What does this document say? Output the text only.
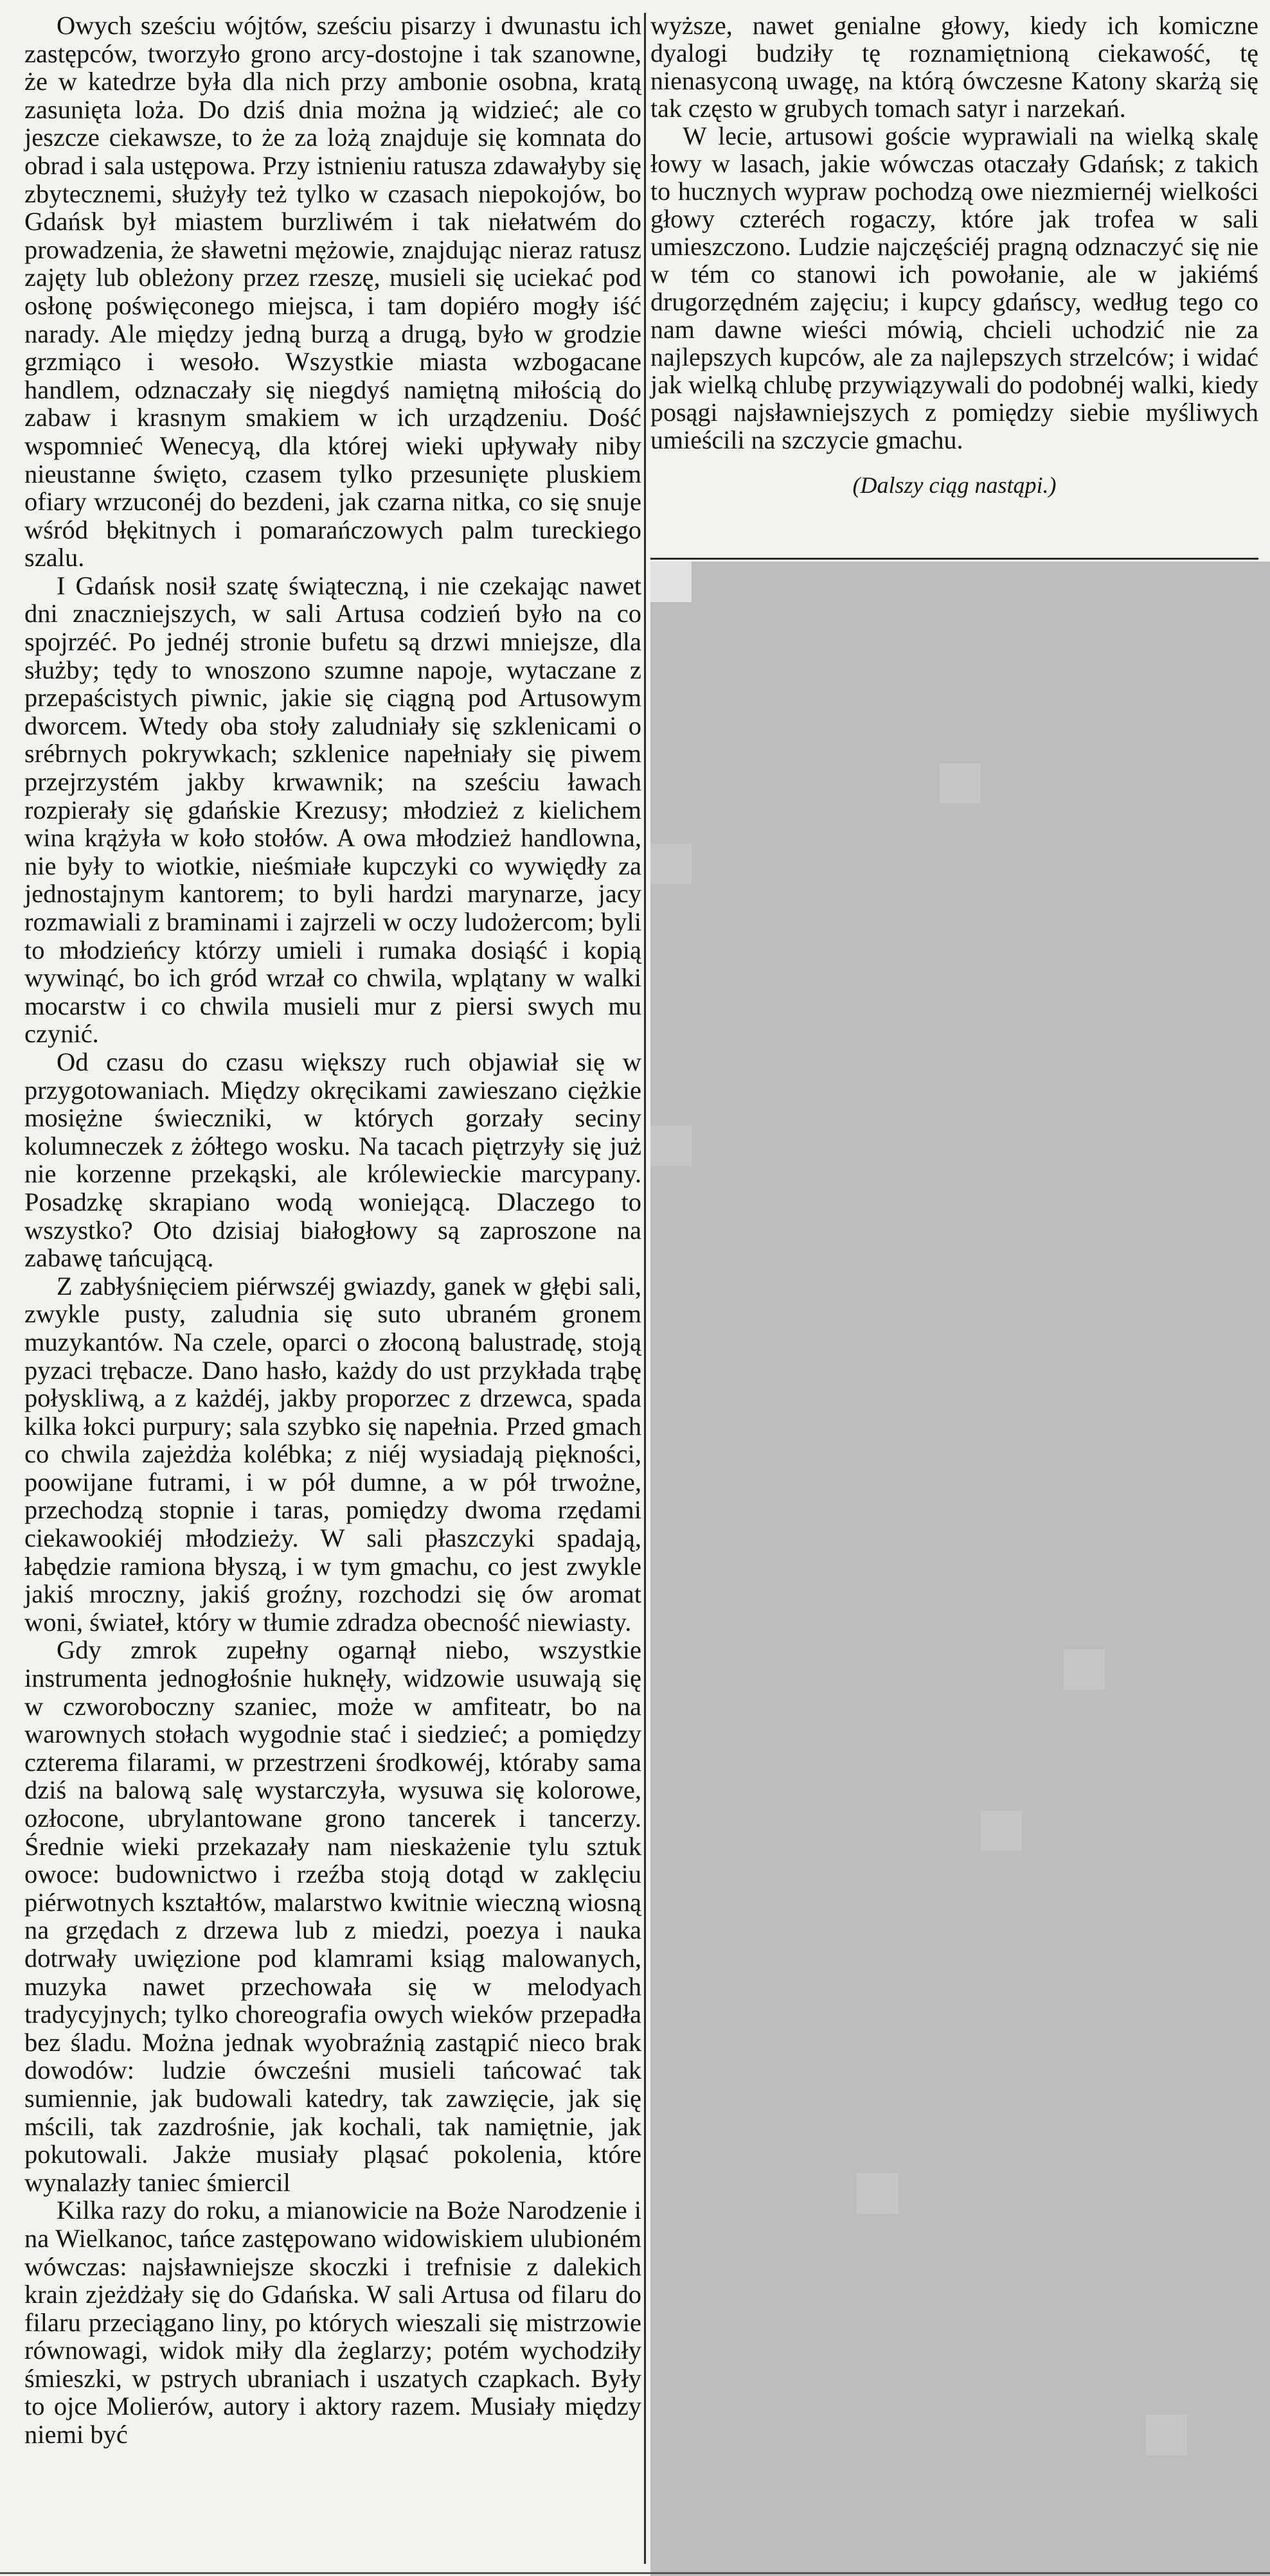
Owych sześciu wójtów, sześciu pisarzy i dwunastu ich zastępców, tworzyło grono arcy-dostojne i tak szanowne, że w katedrze była dla nich przy ambonie osobna, kratą zasunięta loża. Do dziś dnia można ją widzieć; ale co jeszcze ciekawsze, to że za lożą znajduje się komnata do obrad i sala ustępowa. Przy istnieniu ratusza zdawałyby się zbytecznemi, służyły też tylko w czasach niepokojów, bo Gdańsk był miastem burzliwém i tak niełatwém do prowadzenia, że sławetni mężowie, znajdując nieraz ratusz zajęty lub obleżony przez rzeszę, musieli się uciekać pod osłonę poświęconego miejsca, i tam dopiéro mogły iść narady. Ale między jedną burzą a drugą, było w grodzie grzmiąco i wesoło. Wszystkie miasta wzbogacane handlem, odznaczały się niegdyś namiętną miłością do zabaw i krasnym smakiem w ich urządzeniu. Dość wspomnieć Wenecyą, dla której wieki upływały niby nieustanne święto, czasem tylko przesunięte pluskiem ofiary wrzuconéj do bezdeni, jak czarna nitka, co się snuje wśród błękitnych i pomarańczowych palm tureckiego szalu.

I Gdańsk nosił szatę świąteczną, i nie czekając nawet dni znaczniejszych, w sali Artusa codzień było na co spojrzéć. Po jednéj stronie bufetu są drzwi mniejsze, dla służby; tędy to wnoszono szumne napoje, wytaczane z przepaścistych piwnic, jakie się ciągną pod Artusowym dworcem. Wtedy oba stoły zaludniały się szklenicami o srébrnych pokrywkach; szklenice napełniały się piwem przejrzystém jakby krwawnik; na sześciu ławach rozpierały się gdańskie Krezusy; młodzież z kielichem wina krążyła w koło stołów. A owa młodzież handlowna, nie były to wiotkie, nieśmiałe kupczyki co wywiędły za jednostajnym kantorem; to byli hardzi marynarze, jacy rozmawiali z braminami i zajrzeli w oczy ludożercom; byli to młodzieńcy którzy umieli i rumaka dosiąść i kopią wywinąć, bo ich gród wrzał co chwila, wplątany w walki mocarstw i co chwila musieli mur z piersi swych mu czynić.

Od czasu do czasu większy ruch objawiał się w przygotowaniach. Między okręcikami zawieszano ciężkie mosiężne świeczniki, w których gorzały seciny kolumneczek z żółtego wosku. Na tacach piętrzyły się już nie korzenne przekąski, ale królewieckie marcypany. Posadzkę skrapiano wodą woniejącą. Dlaczego to wszystko? Oto dzisiaj białogłowy są zaproszone na zabawę tańcującą.

Z zabłyśnięciem piérwszéj gwiazdy, ganek w głębi sali, zwykle pusty, zaludnia się suto ubraném gronem muzykantów. Na czele, oparci o złoconą balustradę, stoją pyzaci trębacze. Dano hasło, każdy do ust przykłada trąbę połyskliwą, a z każdéj, jakby proporzec z drzewca, spada kilka łokci purpury; sala szybko się napełnia. Przed gmach co chwila zajeżdża kolébka; z niéj wysiadają piękności, poowijane futrami, i w pół dumne, a w pół trwożne, przechodzą stopnie i taras, pomiędzy dwoma rzędami ciekawookiéj młodzieży. W sali płaszczyki spadają, łabędzie ramiona błyszą, i w tym gmachu, co jest zwykle jakiś mroczny, jakiś groźny, rozchodzi się ów aromat woni, świateł, który w tłumie zdradza obecność niewiasty.

Gdy zmrok zupełny ogarnął niebo, wszystkie instrumenta jednogłośnie huknęły, widzowie usuwają się w czworoboczny szaniec, może w amfiteatr, bo na warownych stołach wygodnie stać i siedzieć; a pomiędzy czterema filarami, w przestrzeni środkowéj, któraby sama dziś na balową salę wystarczyła, wysuwa się kolorowe, ozłocone, ubrylantowane grono tancerek i tancerzy. Średnie wieki przekazały nam nieskażenie tylu sztuk owoce: budownictwo i rzeźba stoją dotąd w zaklęciu piérwotnych kształtów, malarstwo kwitnie wieczną wiosną na grzędach z drzewa lub z miedzi, poezya i nauka dotrwały uwięzione pod klamrami ksiąg malowanych, muzyka nawet przechowała się w melodyach tradycyjnych; tylko choreografia owych wieków przepadła bez śladu. Można jednak wyobraźnią zastąpić nieco brak dowodów: ludzie ówcześni musieli tańcować tak sumiennie, jak budowali katedry, tak zawzięcie, jak się mścili, tak zazdrośnie, jak kochali, tak namiętnie, jak pokutowali. Jakże musiały pląsać pokolenia, które wynalazły taniec śmiercil

Kilka razy do roku, a mianowicie na Boże Narodzenie i na Wielkanoc, tańce zastępowano widowiskiem ulubioném wówczas: najsławniejsze skoczki i trefnisie z dalekich krain zjeżdżały się do Gdańska. W sali Artusa od filaru do filaru przeciągano liny, po których wieszali się mistrzowie równowagi, widok miły dla żeglarzy; potém wychodziły śmieszki, w pstrych ubraniach i uszatych czapkach. Były to ojce Molierów, autory i aktory razem. Musiały między niemi być

wyższe, nawet genialne głowy, kiedy ich komiczne dyalogi budziły tę roznamiętnioną ciekawość, tę nienasyconą uwagę, na którą ówczesne Katony skarżą się tak często w grubych tomach satyr i narzekań.

W lecie, artusowi goście wyprawiali na wielką skalę łowy w lasach, jakie wówczas otaczały Gdańsk; z takich to hucznych wypraw pochodzą owe niezmiernéj wielkości głowy czteréch rogaczy, które jak trofea w sali umieszczono. Ludzie najczęściéj pragną odznaczyć się nie w tém co stanowi ich powołanie, ale w jakiémś drugorzędném zajęciu; i kupcy gdańscy, według tego co nam dawne wieści mówią, chcieli uchodzić nie za najlepszych kupców, ale za najlepszych strzelców; i widać jak wielką chlubę przywiązywali do podobnéj walki, kiedy posągi najsławniejszych z pomiędzy siebie myśliwych umieścili na szczycie gmachu.

(Dalszy ciąg nastąpi.)
